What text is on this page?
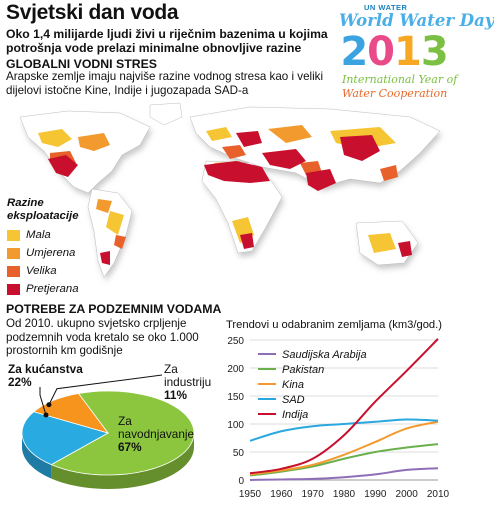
Svjetski dan voda
Oko 1,4 milijarde ljudi živi u riječnim bazenima u kojima potrošnja vode prelazi minimalne obnovljive razine
UN WATER
World Water Day
2013
International Year of
Water Cooperation
GLOBALNI VODNI STRES
Arapske zemlje imaju najviše razine vodnog stresa kao i veliki dijelovi istočne Kine, Indije i jugozapada SAD-a
Razine
eksploatacije
Mala
Umjerena
Velika
Pretjerana
POTREBE ZA PODZEMNIM VODAMA
Od 2010. ukupno svjetsko crpljenje podzemnih voda kretalo se oko 1.000 prostornih km godišnje
Za kućanstva
22%
Za industriju
11%
Za navodnjavanje
67%
Trendovi u odabranim zemljama (km3/god.)
0
50
100
150
200
250
1950 1960 1970 1980 1990 2000 2010
Saudijska Arabija
Pakistan
Kina
SAD
Indija
